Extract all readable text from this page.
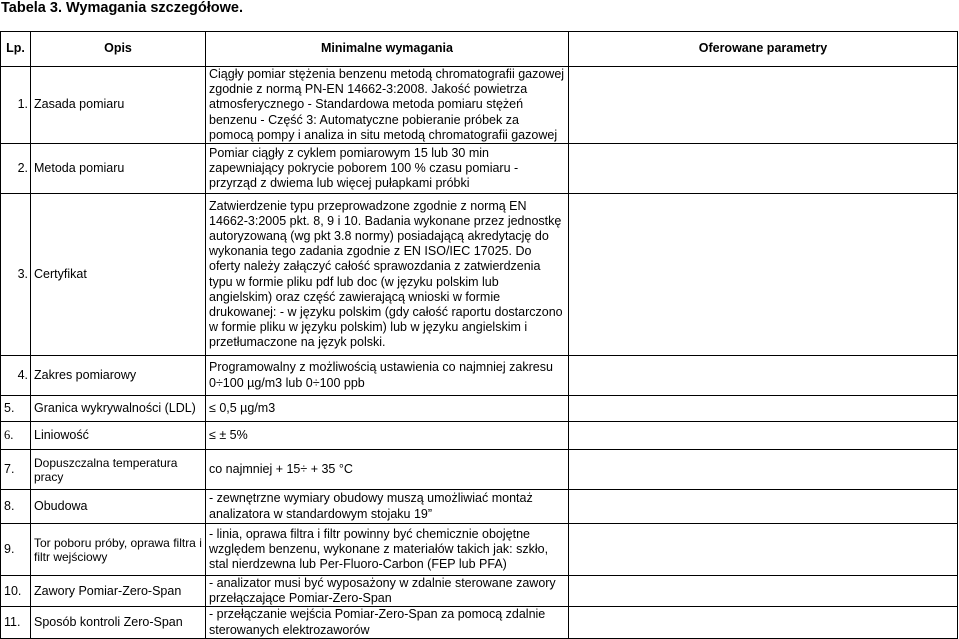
Tabela 3. Wymagania szczegółowe.
Lp.	Opis	Minimalne wymagania	Oferowane parametry
1.	Zasada pomiaru	Ciągły pomiar stężenia benzenu metodą chromatografii gazowej zgodnie z normą PN-EN 14662-3:2008. Jakość powietrza atmosferycznego - Standardowa metoda pomiaru stężeń benzenu - Część 3: Automatyczne pobieranie próbek za pomocą pompy i analiza in situ metodą chromatografii gazowej	
2.	Metoda pomiaru	Pomiar ciągły z cyklem pomiarowym 15 lub 30 min zapewniający pokrycie poborem 100 % czasu pomiaru - przyrząd z dwiema lub więcej pułapkami próbki	
3.	Certyfikat	Zatwierdzenie typu przeprowadzone zgodnie z normą EN 14662-3:2005 pkt. 8, 9 i 10. Badania wykonane przez jednostkę autoryzowaną (wg pkt 3.8 normy) posiadającą akredytację do wykonania tego zadania zgodnie z EN ISO/IEC 17025. Do oferty należy załączyć całość sprawozdania z zatwierdzenia typu w formie pliku pdf lub doc (w języku polskim lub angielskim) oraz część zawierającą wnioski w formie drukowanej: - w języku polskim (gdy całość raportu dostarczono w formie pliku w języku polskim) lub w języku angielskim i przetłumaczone na język polski.	
4.	Zakres pomiarowy	Programowalny z możliwością ustawienia co najmniej zakresu 0÷100 µg/m3 lub 0÷100 ppb	
5.	Granica wykrywalności (LDL)	≤ 0,5 µg/m3	
6.	Liniowość	≤ ± 5%	
7.	Dopuszczalna temperatura pracy	co najmniej + 15÷ + 35 °C	
8.	Obudowa	- zewnętrzne wymiary obudowy muszą umożliwiać montaż analizatora w standardowym stojaku 19”	
9.	Tor poboru próby, oprawa filtra i filtr wejściowy	- linia, oprawa filtra i filtr powinny być chemicznie obojętne względem benzenu, wykonane z materiałów takich jak: szkło, stal nierdzewna lub Per-Fluoro-Carbon (FEP lub PFA)	
10.	Zawory Pomiar-Zero-Span	- analizator musi być wyposażony w zdalnie sterowane zawory przełączające Pomiar-Zero-Span	
11.	Sposób kontroli Zero-Span	- przełączanie wejścia Pomiar-Zero-Span za pomocą zdalnie sterowanych elektrozaworów	
